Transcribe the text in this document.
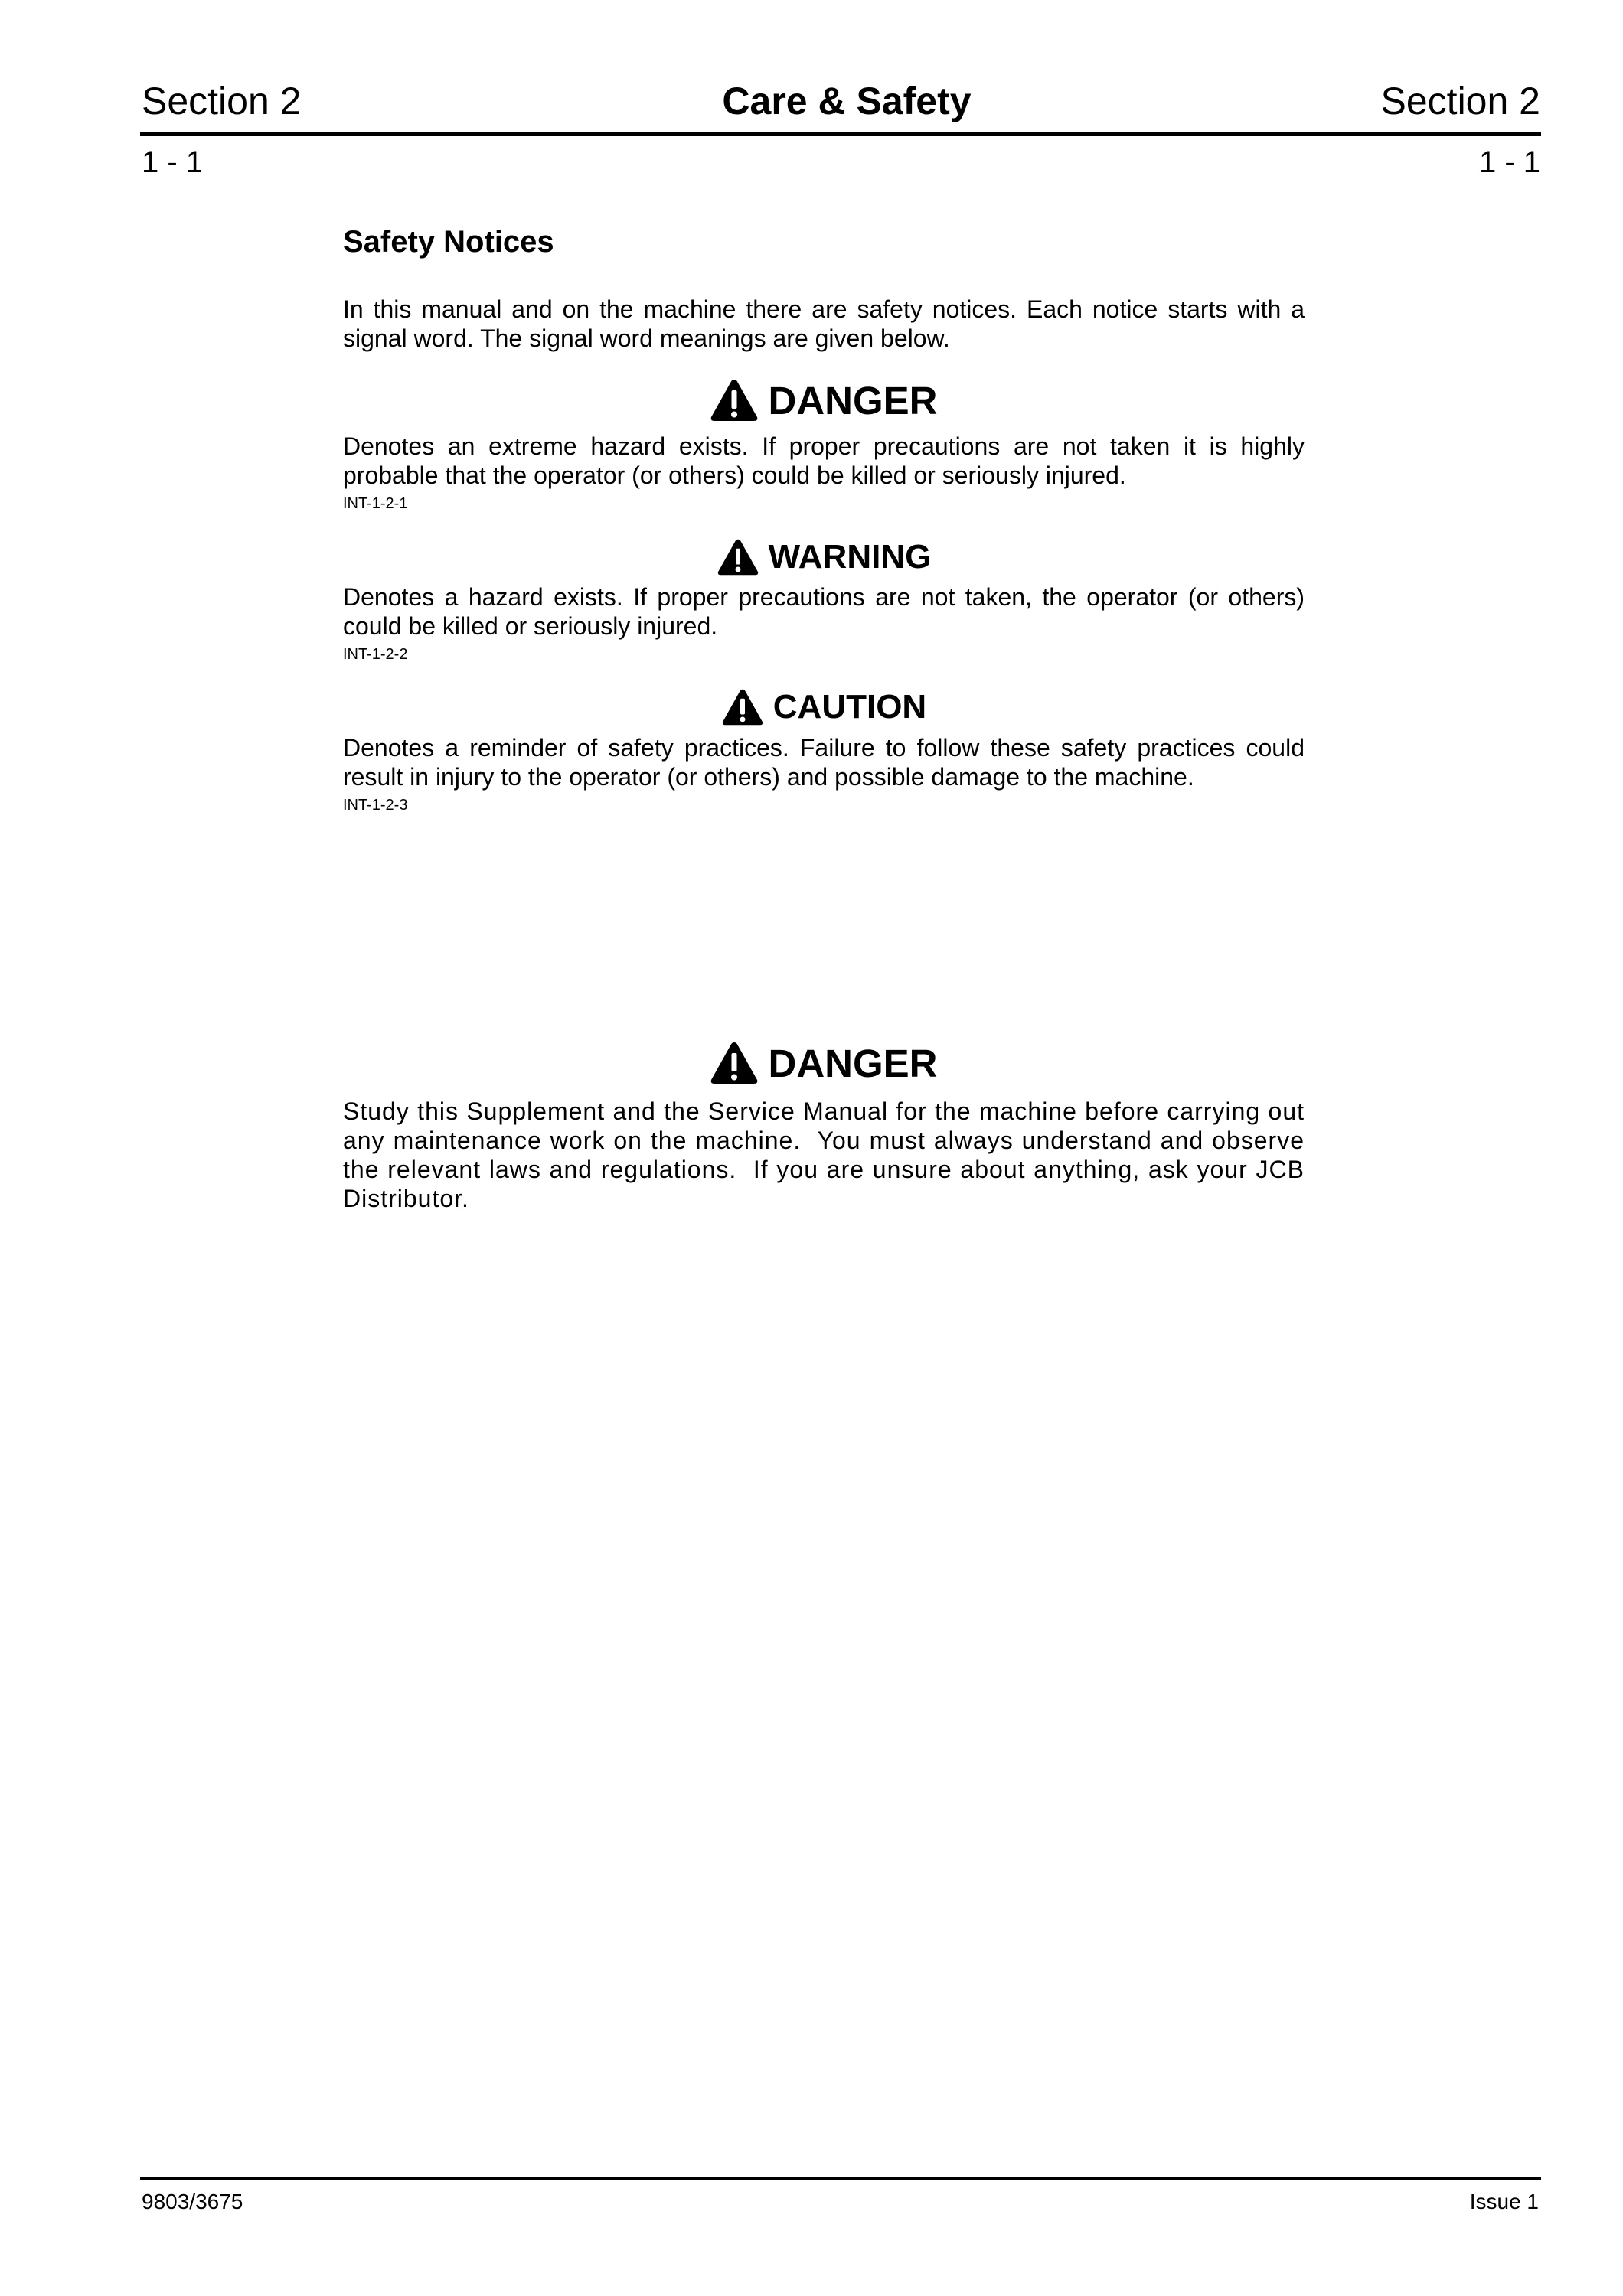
Section 2	Care & Safety	Section 2
1 - 1	1 - 1
Safety Notices

In this manual and on the machine there are safety notices. Each notice starts with a signal word. The signal word meanings are given below.

DANGER

Denotes an extreme hazard exists. If proper precautions are not taken it is highly probable that the operator (or others) could be killed or seriously injured.

INT-1-2-1
WARNING

Denotes a hazard exists. If proper precautions are not taken, the operator (or others) could be killed or seriously injured.

INT-1-2-2
CAUTION

Denotes a reminder of safety practices. Failure to follow these safety practices could result in injury to the operator (or others) and possible damage to the machine.

INT-1-2-3
DANGER

Study this Supplement and the Service Manual for the machine before carrying out any maintenance work on the machine.  You must always understand and observe the relevant laws and regulations.  If you are unsure about anything, ask your JCB Distributor.

9803/3675	Issue 1
